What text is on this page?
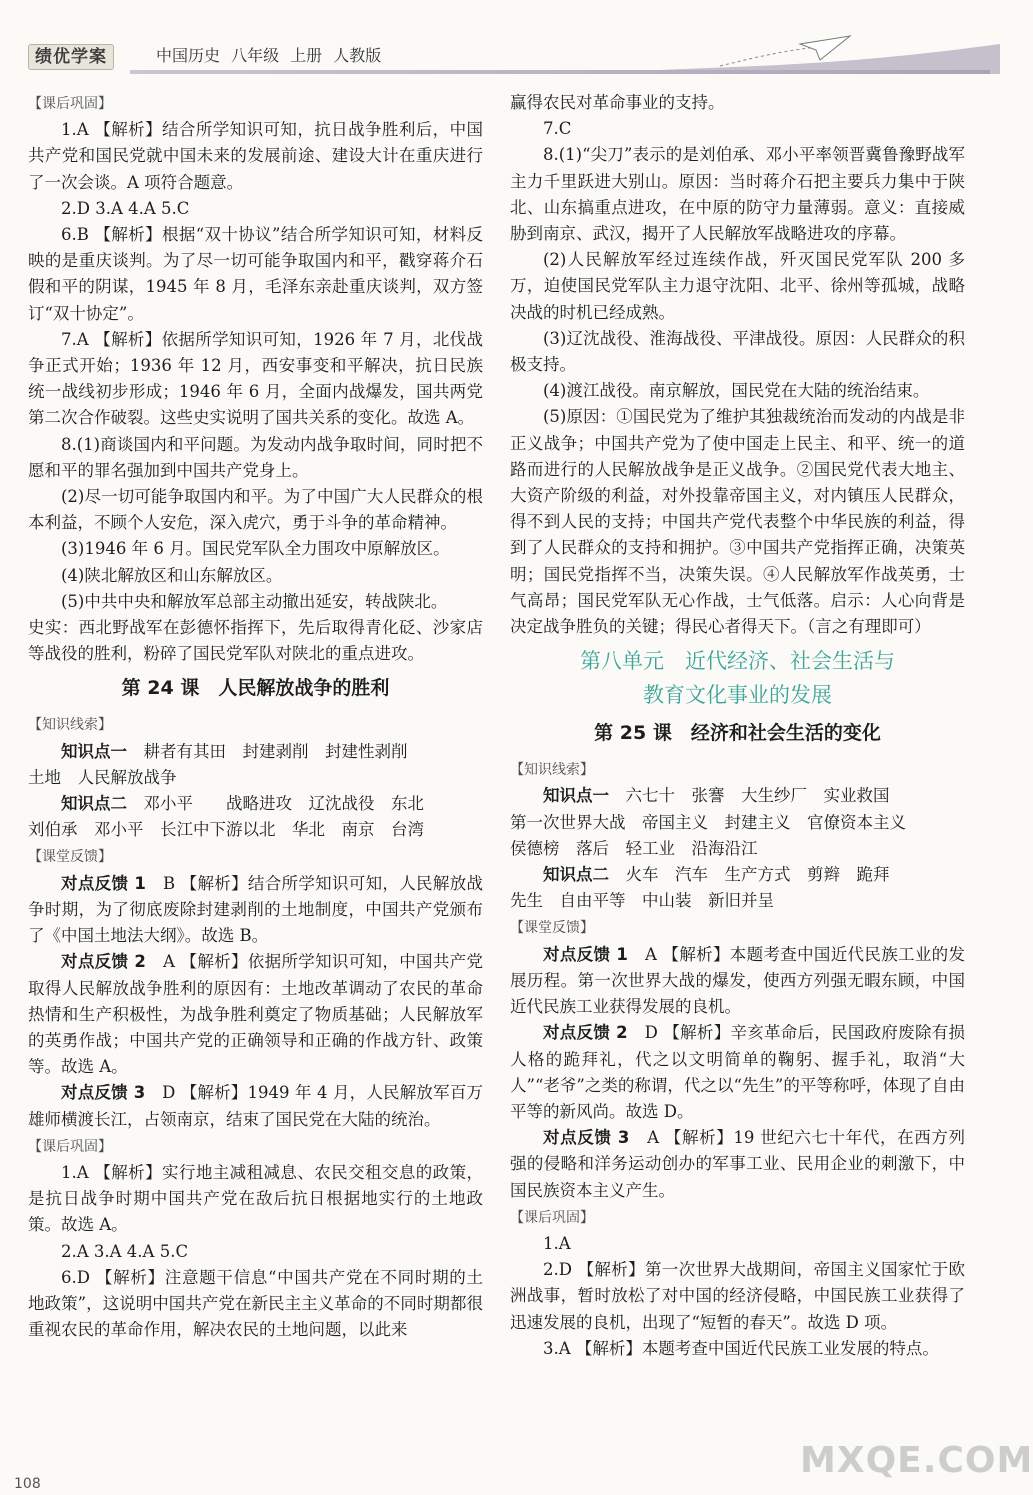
绩优学案	中国历史 八年级 上册 人教版
【课后巩固】

1.A 【解析】结合所学知识可知，抗日战争胜利后，中国共产党和国民党就中国未来的发展前途、建设大计在重庆进行了一次会谈。A 项符合题意。

2.D 3.A 4.A 5.C

6.B 【解析】根据“双十协议”结合所学知识可知，材料反映的是重庆谈判。为了尽一切可能争取国内和平，戳穿蒋介石假和平的阴谋，1945 年 8 月，毛泽东亲赴重庆谈判，双方签订“双十协定”。

7.A 【解析】依据所学知识可知，1926 年 7 月，北伐战争正式开始；1936 年 12 月，西安事变和平解决，抗日民族统一战线初步形成；1946 年 6 月，全面内战爆发，国共两党第二次合作破裂。这些史实说明了国共关系的变化。故选 A。

8.(1)商谈国内和平问题。为发动内战争取时间，同时把不愿和平的罪名强加到中国共产党身上。

(2)尽一切可能争取国内和平。为了中国广大人民群众的根本利益，不顾个人安危，深入虎穴，勇于斗争的革命精神。

(3)1946 年 6 月。国民党军队全力围攻中原解放区。

(4)陕北解放区和山东解放区。

(5)中共中央和解放军总部主动撤出延安，转战陕北。

史实：西北野战军在彭德怀指挥下，先后取得青化砭、沙家店等战役的胜利，粉碎了国民党军队对陕北的重点进攻。

第 24 课　人民解放战争的胜利
【知识线索】

知识点一　 耕者有其田　封建剥削　封建性剥削

土地　人民解放战争

知识点二　 邓小平　　战略进攻　辽沈战役　东北

刘伯承　邓小平　长江中下游以北　华北　南京　台湾

【课堂反馈】

对点反馈 1　 B 【解析】结合所学知识可知，人民解放战争时期，为了彻底废除封建剥削的土地制度，中国共产党颁布了《中国土地法大纲》。故选 B。

对点反馈 2　 A 【解析】依据所学知识可知，中国共产党取得人民解放战争胜利的原因有：土地改革调动了农民的革命热情和生产积极性，为战争胜利奠定了物质基础；人民解放军的英勇作战；中国共产党的正确领导和正确的作战方针、政策等。故选 A。

对点反馈 3　 D 【解析】1949 年 4 月，人民解放军百万雄师横渡长江，占领南京，结束了国民党在大陆的统治。

【课后巩固】

1.A 【解析】实行地主减租减息、农民交租交息的政策，是抗日战争时期中国共产党在敌后抗日根据地实行的土地政策。故选 A。

2.A 3.A 4.A 5.C

6.D 【解析】注意题干信息“中国共产党在不同时期的土地政策”，这说明中国共产党在新民主主义革命的不同时期都很重视农民的革命作用，解决农民的土地问题，以此来

赢得农民对革命事业的支持。

7.C

8.(1)“尖刀”表示的是刘伯承、邓小平率领晋冀鲁豫野战军主力千里跃进大别山。原因：当时蒋介石把主要兵力集中于陕北、山东搞重点进攻，在中原的防守力量薄弱。意义：直接威胁到南京、武汉，揭开了人民解放军战略进攻的序幕。

(2)人民解放军经过连续作战，歼灭国民党军队 200 多万，迫使国民党军队主力退守沈阳、北平、徐州等孤城，战略决战的时机已经成熟。

(3)辽沈战役、淮海战役、平津战役。原因：人民群众的积极支持。

(4)渡江战役。南京解放，国民党在大陆的统治结束。

(5)原因：①国民党为了维护其独裁统治而发动的内战是非正义战争；中国共产党为了使中国走上民主、和平、统一的道路而进行的人民解放战争是正义战争。②国民党代表大地主、大资产阶级的利益，对外投靠帝国主义，对内镇压人民群众，得不到人民的支持；中国共产党代表整个中华民族的利益，得到了人民群众的支持和拥护。③中国共产党指挥正确，决策英明；国民党指挥不当，决策失误。④人民解放军作战英勇，士气高昂；国民党军队无心作战，士气低落。启示：人心向背是决定战争胜负的关键；得民心者得天下。（言之有理即可）

第八单元　近代经济、社会生活与
教育文化事业的发展
第 25 课　经济和社会生活的变化
【知识线索】

知识点一　 六七十　张謇　大生纱厂　实业救国

第一次世界大战　帝国主义　封建主义　官僚资本主义

侯德榜　落后　轻工业　沿海沿江

知识点二　 火车　汽车　生产方式　剪辫　跪拜

先生　自由平等　中山装　新旧并呈

【课堂反馈】

对点反馈 1　 A 【解析】本题考查中国近代民族工业的发展历程。第一次世界大战的爆发，使西方列强无暇东顾，中国近代民族工业获得发展的良机。

对点反馈 2　 D 【解析】辛亥革命后，民国政府废除有损人格的跪拜礼，代之以文明简单的鞠躬、握手礼，取消“大人”“老爷”之类的称谓，代之以“先生”的平等称呼，体现了自由平等的新风尚。故选 D。

对点反馈 3　 A 【解析】19 世纪六七十年代，在西方列强的侵略和洋务运动创办的军事工业、民用企业的刺激下，中国民族资本主义产生。

【课后巩固】

1.A

2.D 【解析】第一次世界大战期间，帝国主义国家忙于欧洲战事，暂时放松了对中国的经济侵略，中国民族工业获得了迅速发展的良机，出现了“短暂的春天”。故选 D 项。

3.A 【解析】本题考查中国近代民族工业发展的特点。

108
MXQE.COM
